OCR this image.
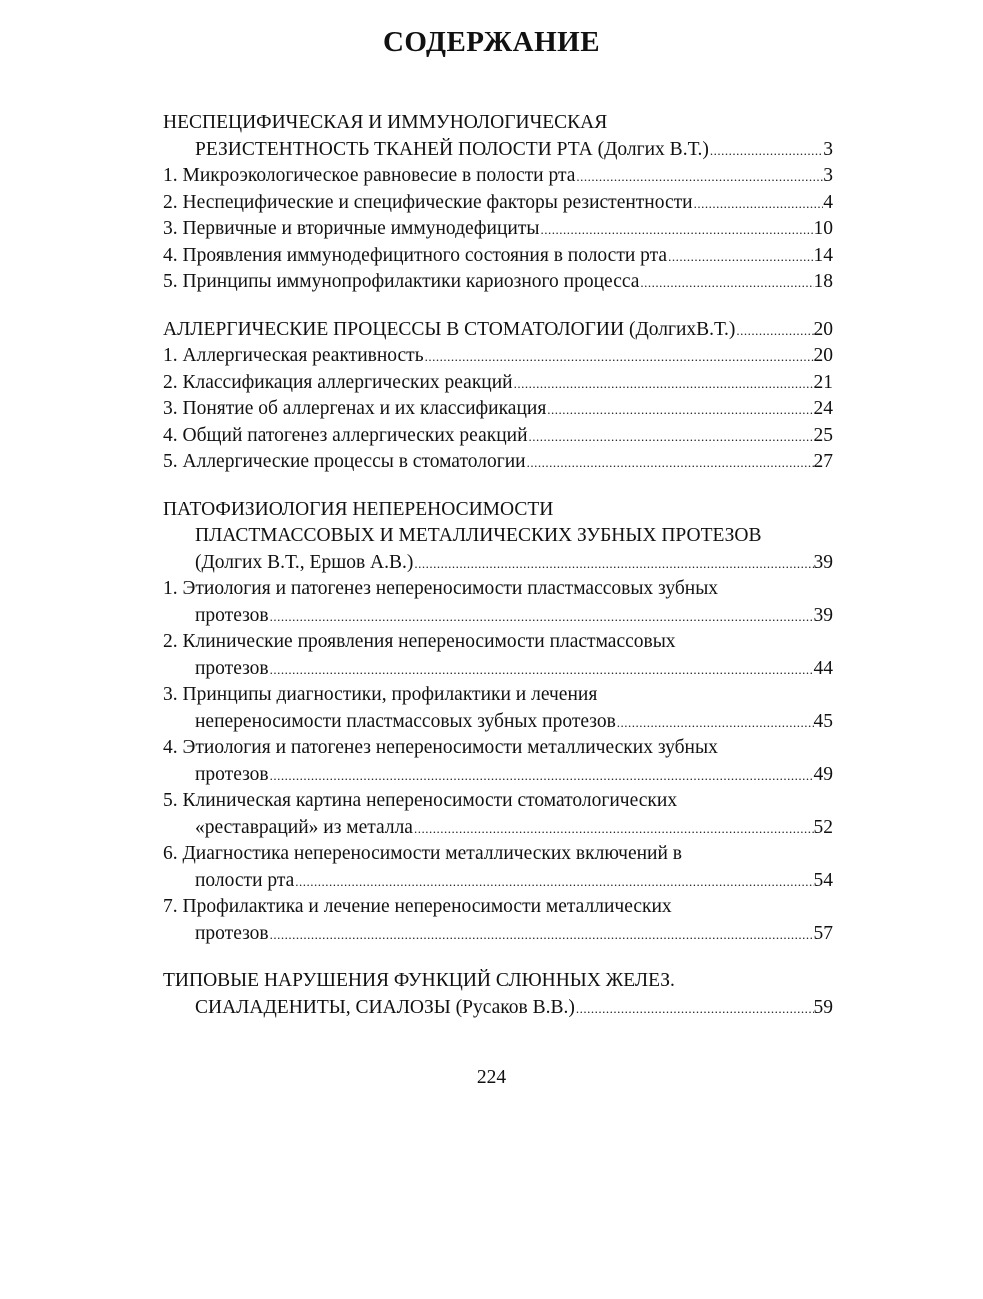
СОДЕРЖАНИЕ
НЕСПЕЦИФИЧЕСКАЯ И ИММУНОЛОГИЧЕСКАЯ
РЕЗИСТЕНТНОСТЬ ТКАНЕЙ ПОЛОСТИ РТА (Долгих В.Т.) .....	3
1. Микроэкологическое равновесие в полости рта .....	3
2. Неспецифические и специфические факторы резистентности .....	4
3. Первичные и вторичные иммунодефициты .....	10
4. Проявления иммунодефицитного состояния в полости рта .....	14
5. Принципы иммунопрофилактики кариозного процесса .....	18
АЛЛЕРГИЧЕСКИЕ ПРОЦЕССЫ В СТОМАТОЛОГИИ (ДолгихВ.Т.) .....	20
1. Аллергическая реактивность .....	20
2. Классификация аллергических реакций .....	21
3. Понятие об аллергенах и их классификация .....	24
4. Общий патогенез аллергических реакций .....	25
5. Аллергические процессы в стоматологии .....	27
ПАТОФИЗИОЛОГИЯ НЕПЕРЕНОСИМОСТИ
ПЛАСТМАССОВЫХ И МЕТАЛЛИЧЕСКИХ ЗУБНЫХ ПРОТЕЗОВ
(Долгих В.Т., Ершов А.В.) .....	39
1. Этиология и патогенез непереносимости пластмассовых зубных
протезов .....	39
2. Клинические проявления непереносимости пластмассовых
протезов .....	44
3. Принципы диагностики, профилактики и лечения
непереносимости пластмассовых зубных протезов .....	45
4. Этиология и патогенез непереносимости металлических зубных
протезов .....	49
5. Клиническая картина непереносимости стоматологических
«реставраций» из металла .....	52
6. Диагностика непереносимости металлических включений в
полости рта .....	54
7. Профилактика и лечение непереносимости металлических
протезов .....	57
ТИПОВЫЕ НАРУШЕНИЯ ФУНКЦИЙ СЛЮННЫХ ЖЕЛЕЗ.
СИАЛАДЕНИТЫ, СИАЛОЗЫ (Русаков В.В.) .....	59
224
